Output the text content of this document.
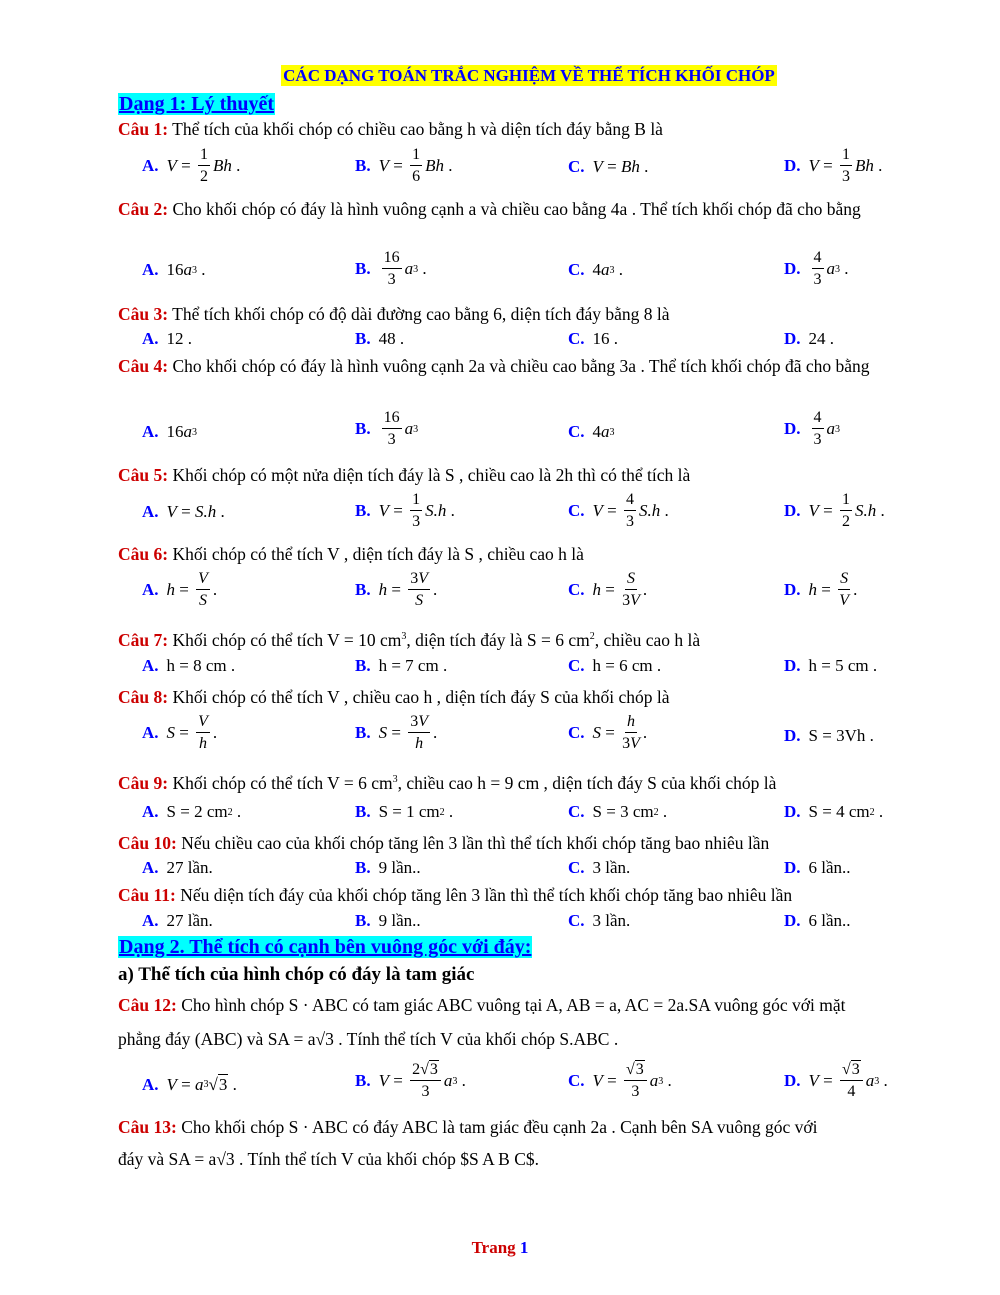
CÁC DẠNG TOÁN TRẮC NGHIỆM VỀ THỂ TÍCH KHỐI CHÓP
Dạng 1: Lý thuyết
Câu 1: Thể tích của khối chóp có chiều cao bằng h và diện tích đáy bằng B là
A. V =
1
2
Bh .	B. V =
1
6
Bh .	C. V = Bh .	D. V =
1
3
Bh .
Câu 2: Cho khối chóp có đáy là hình vuông cạnh a và chiều cao bằng 4a . Thể tích khối chóp đã cho bằng
A. 16 a 3 .	B.
16
3
a 3 .	C. 4 a 3 .	D.
4
3
a 3 .
Câu 3: Thể tích khối chóp có độ dài đường cao bằng 6, diện tích đáy bằng 8 là
A. 12 .	B. 48 .	C. 16 .	D. 24 .
Câu 4: Cho khối chóp có đáy là hình vuông cạnh 2a và chiều cao bằng 3a . Thể tích khối chóp đã cho bằng
A. 16 a 3	B.
16
3
a 3	C. 4 a 3	D.
4
3
a 3
Câu 5: Khối chóp có một nửa diện tích đáy là S , chiều cao là 2h thì có thể tích là
A. V = S.h .	B. V =
1
3
S.h .	C. V =
4
3
S.h .	D. V =
1
2
S.h .
Câu 6: Khối chóp có thể tích V , diện tích đáy là S , chiều cao h là
A. h =
V
S
.	B. h =
3V
S
.	C. h =
S
3V
.	D. h =
S
V
.
Câu 7: Khối chóp có thể tích V = 10 $cm^3$, diện tích đáy là S = 6 $cm^2$, chiều cao h là
A. h = 8 cm .	B. h = 7 cm .	C. h = 6 cm .	D. h = 5 cm .
Câu 8: Khối chóp có thể tích V , chiều cao h , diện tích đáy S của khối chóp là
A. S =
V
h
.	B. S =
3V
h
.	C. S =
h
3V
.	D. S = 3Vh .
Câu 9: Khối chóp có thể tích V = 6 $cm^3$, chiều cao h = 9 cm , diện tích đáy S của khối chóp là
A. S = 2 cm 2 .	B. S = 1 cm 2 .	C. S = 3 cm 2 .	D. S = 4 cm 2 .
Câu 10: Nếu chiều cao của khối chóp tăng lên 3 lần thì thể tích khối chóp tăng bao nhiêu lần
A. 27 lần.	B. 9 lần..	C. 3 lần.	D. 6 lần..
Câu 11: Nếu diện tích đáy của khối chóp tăng lên 3 lần thì thể tích khối chóp tăng bao nhiêu lần
A. 27 lần.	B. 9 lần..	C. 3 lần.	D. 6 lần..
Dạng 2. Thể tích có cạnh bên vuông góc với đáy:
a) Thể tích của hình chóp có đáy là tam giác
Câu 12: Cho hình chóp S · ABC có tam giác ABC vuông tại A, AB = a, AC = 2a.SA vuông góc với mặt
phẳng đáy (ABC) và SA = a√3 . Tính thể tích V của khối chóp S.ABC .
A. V = a 3 √ 3 .	B. V =
2√3
3
a 3 .	C. V =
√3
3
a 3 .	D. V =
√3
4
a 3 .
Câu 13: Cho khối chóp S · ABC có đáy ABC là tam giác đều cạnh 2a . Cạnh bên SA vuông góc với
đáy và SA = a√3 . Tính thể tích V của khối chóp $S A B C$.
Trang 1
